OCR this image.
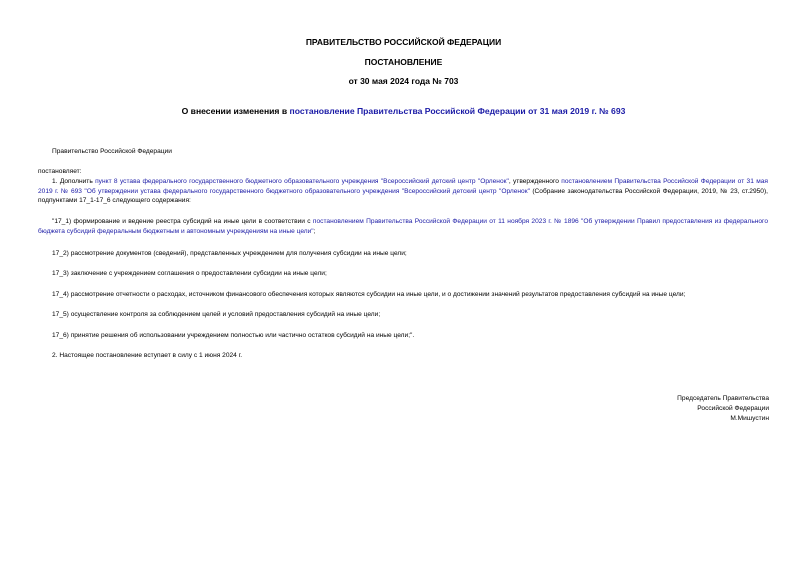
ПРАВИТЕЛЬСТВО РОССИЙСКОЙ ФЕДЕРАЦИИ
ПОСТАНОВЛЕНИЕ
от 30 мая 2024 года № 703
О внесении изменения в постановление Правительства Российской Федерации от 31 мая 2019 г. № 693
Правительство Российской Федерации
постановляет:
1. Дополнить пункт 8 устава федерального государственного бюджетного образовательного учреждения "Всероссийский детский центр "Орленок", утвержденного постановлением Правительства Российской Федерации от 31 мая 2019 г. № 693 "Об утверждении устава федерального государственного бюджетного образовательного учреждения "Всероссийский детский центр "Орленок" (Собрание законодательства Российской Федерации, 2019, № 23, ст.2950), подпунктами 17_1-17_6 следующего содержания:
"17_1) формирование и ведение реестра субсидий на иные цели в соответствии с постановлением Правительства Российской Федерации от 11 ноября 2023 г. № 1896 "Об утверждении Правил предоставления из федерального бюджета субсидий федеральным бюджетным и автономным учреждениям на иные цели";
17_2) рассмотрение документов (сведений), представленных учреждением для получения субсидии на иные цели;
17_3) заключение с учреждением соглашения о предоставлении субсидии на иные цели;
17_4) рассмотрение отчетности о расходах, источником финансового обеспечения которых являются субсидии на иные цели, и о достижении значений результатов предоставления субсидий на иные цели;
17_5) осуществление контроля за соблюдением целей и условий предоставления субсидий на иные цели;
17_6) принятие решения об использовании учреждением полностью или частично остатков субсидий на иные цели;".
2. Настоящее постановление вступает в силу с 1 июня 2024 г.
Председатель Правительства
Российской Федерации
М.Мишустин
